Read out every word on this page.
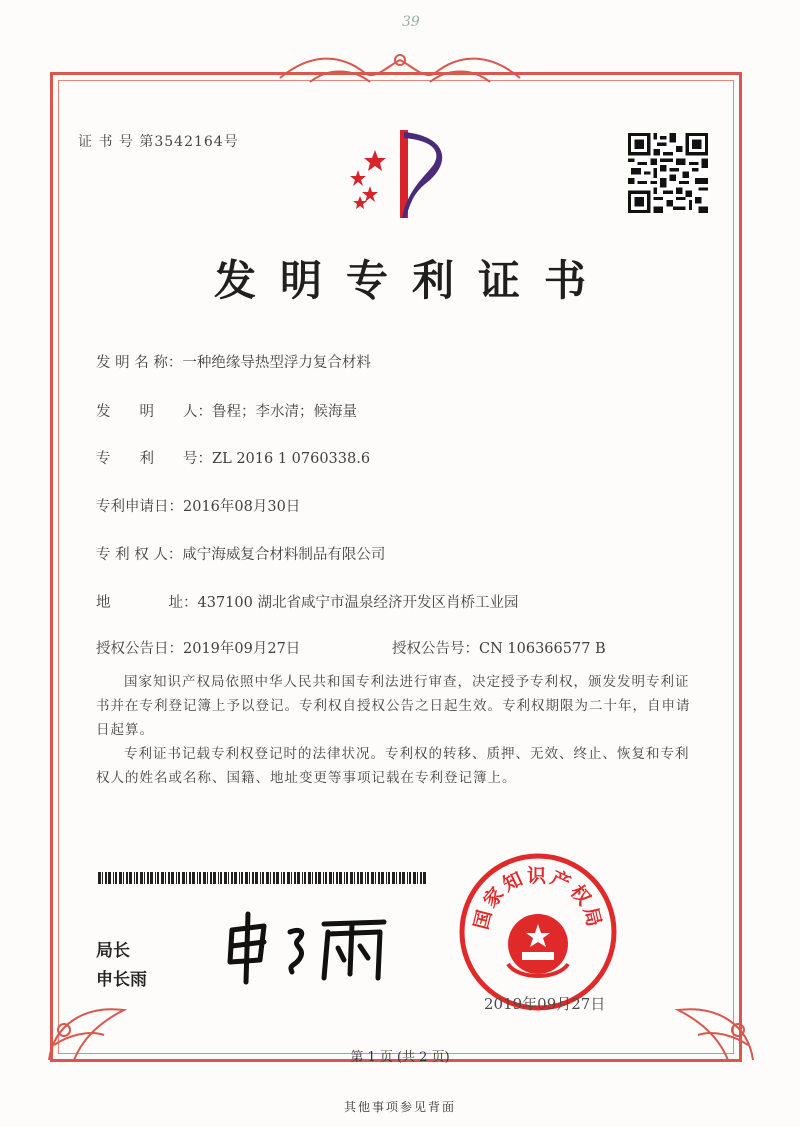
39
证 书 号 第3542164号
发明专利证书
发 明 名 称：一种绝缘导热型浮力复合材料
发　　明　　人：鲁程；李水清；候海量
专　　利　　号：ZL 2016 1 0760338.6
专利申请日：2016年08月30日
专 利 权 人：咸宁海威复合材料制品有限公司
地　　　　址：437100 湖北省咸宁市温泉经济开发区肖桥工业园
授权公告日：2019年09月27日	授权公告号：CN 106366577 B
国家知识产权局依照中华人民共和国专利法进行审查，决定授予专利权，颁发发明专利证书并在专利登记簿上予以登记。专利权自授权公告之日起生效。专利权期限为二十年，自申请日起算。
专利证书记载专利权登记时的法律状况。专利权的转移、质押、无效、终止、恢复和专利权人的姓名或名称、国籍、地址变更等事项记载在专利登记簿上。
局长
申长雨
国家知识产权局
2019年09月27日
第 1 页 (共 2 页)
其他事项参见背面
